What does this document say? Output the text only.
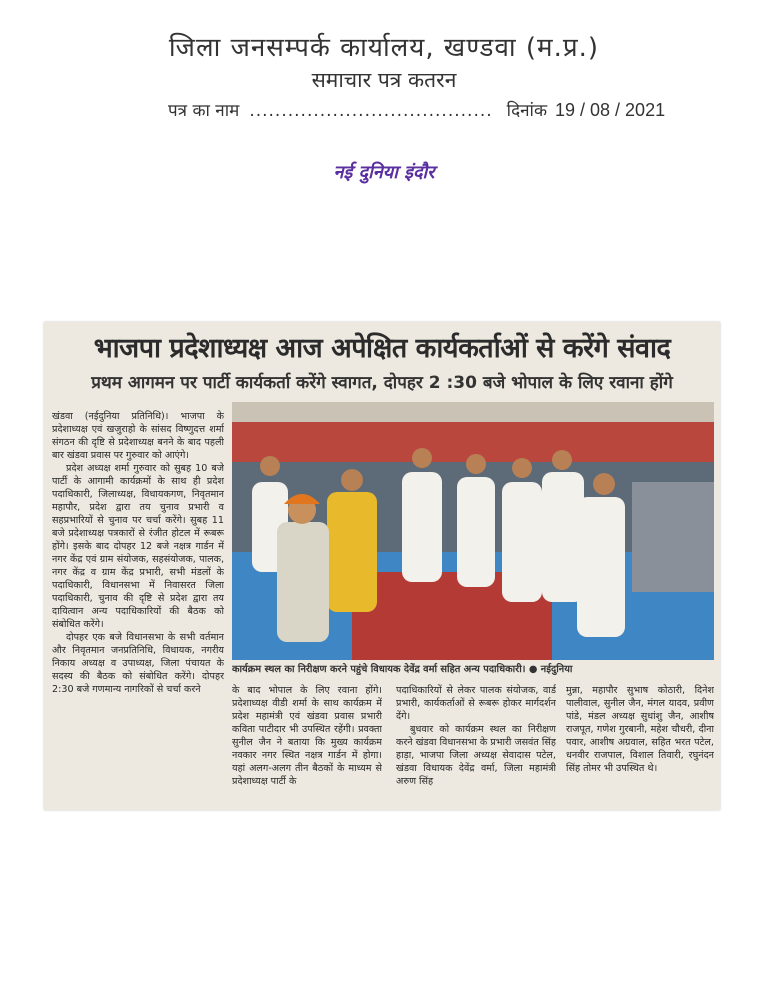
जिला जनसम्पर्क कार्यालय, खण्डवा (म.प्र.)
समाचार पत्र कतरन
पत्र का नाम ...................................... दिनांक 19 / 08 / 2021
नई दुनिया इंदौर
भाजपा प्रदेशाध्यक्ष आज अपेक्षित कार्यकर्ताओं से करेंगे संवाद
प्रथम आगमन पर पार्टी कार्यकर्ता करेंगे स्वागत, दोपहर 2 :30 बजे भोपाल के लिए रवाना होंगे

खंडवा (नईदुनिया प्रतिनिधि)। भाजपा के प्रदेशाध्यक्ष एवं खजुराहो के सांसद विष्णुदत्त शर्मा संगठन की दृष्टि से प्रदेशाध्यक्ष बनने के बाद पहली बार खंडवा प्रवास पर गुरुवार को आएंगे।

प्रदेश अध्यक्ष शर्मा गुरुवार को सुबह 10 बजे पार्टी के आगामी कार्यक्रमों के साथ ही प्रदेश पदाधिकारी, जिलाध्यक्ष, विधायकगण, निवृतमान महापौर, प्रदेश द्वारा तय चुनाव प्रभारी व सहप्रभारियों से चुनाव पर चर्चा करेंगे। सुबह 11 बजे प्रदेशाध्यक्ष पत्रकारों से रंजीत होटल में रूबरू होंगे। इसके बाद दोपहर 12 बजे नक्षत्र गार्डन में नगर केंद्र एवं ग्राम संयोजक, सहसंयोजक, पालक, नगर केंद्र व ग्राम केंद्र प्रभारी, सभी मंडलों के पदाधिकारी, विधानसभा में निवासरत जिला पदाधिकारी, चुनाव की दृष्टि से प्रदेश द्वारा तय दायित्वान अन्य पदाधिकारियों की बैठक को संबोधित करेंगे।

दोपहर एक बजे विधानसभा के सभी वर्तमान और निवृतमान जनप्रतिनिधि, विधायक, नगरीय निकाय अध्यक्ष व उपाध्यक्ष, जिला पंचायत के सदस्य की बैठक को संबोधित करेंगे। दोपहर 2:30 बजे गणमान्य नागरिकों से चर्चा करने

कार्यक्रम स्थल का निरीक्षण करने पहुंचे विधायक देवेंद्र वर्मा सहित अन्य पदाधिकारी। ● नईदुनिया

के बाद भोपाल के लिए रवाना होंगे। प्रदेशाध्यक्ष वीडी शर्मा के साथ कार्यक्रम में प्रदेश महामंत्री एवं खंडवा प्रवास प्रभारी कविता पाटीदार भी उपस्थित रहेंगी। प्रवक्ता सुनील जैन ने बताया कि मुख्य कार्यक्रम नवकार नगर स्थित नक्षत्र गार्डन में होगा। यहां अलग-अलग तीन बैठकों के माध्यम से प्रदेशाध्यक्ष पार्टी के

पदाधिकारियों से लेकर पालक संयोजक, वार्ड प्रभारी, कार्यकर्ताओं से रूबरू होकर मार्गदर्शन देंगे।

बुधवार को कार्यक्रम स्थल का निरीक्षण करने खंडवा विधानसभा के प्रभारी जसवंत सिंह हाड़ा, भाजपा जिला अध्यक्ष सेवादास पटेल, खंडवा विधायक देवेंद्र वर्मा, जिला महामंत्री अरुण सिंह

मुन्ना, महापौर सुभाष कोठारी, दिनेश पालीवाल, सुनील जैन, मंगल यादव, प्रवीण पांडे, मंडल अध्यक्ष सुधांशु जैन, आशीष राजपूत, गणेश गुरबानी, महेश चौधरी, दीना पवार, आशीष अग्रवाल, सहित भरत पटेल, धनवीर राजपाल, विशाल तिवारी, रघुनंदन सिंह तोमर भी उपस्थित थे।
